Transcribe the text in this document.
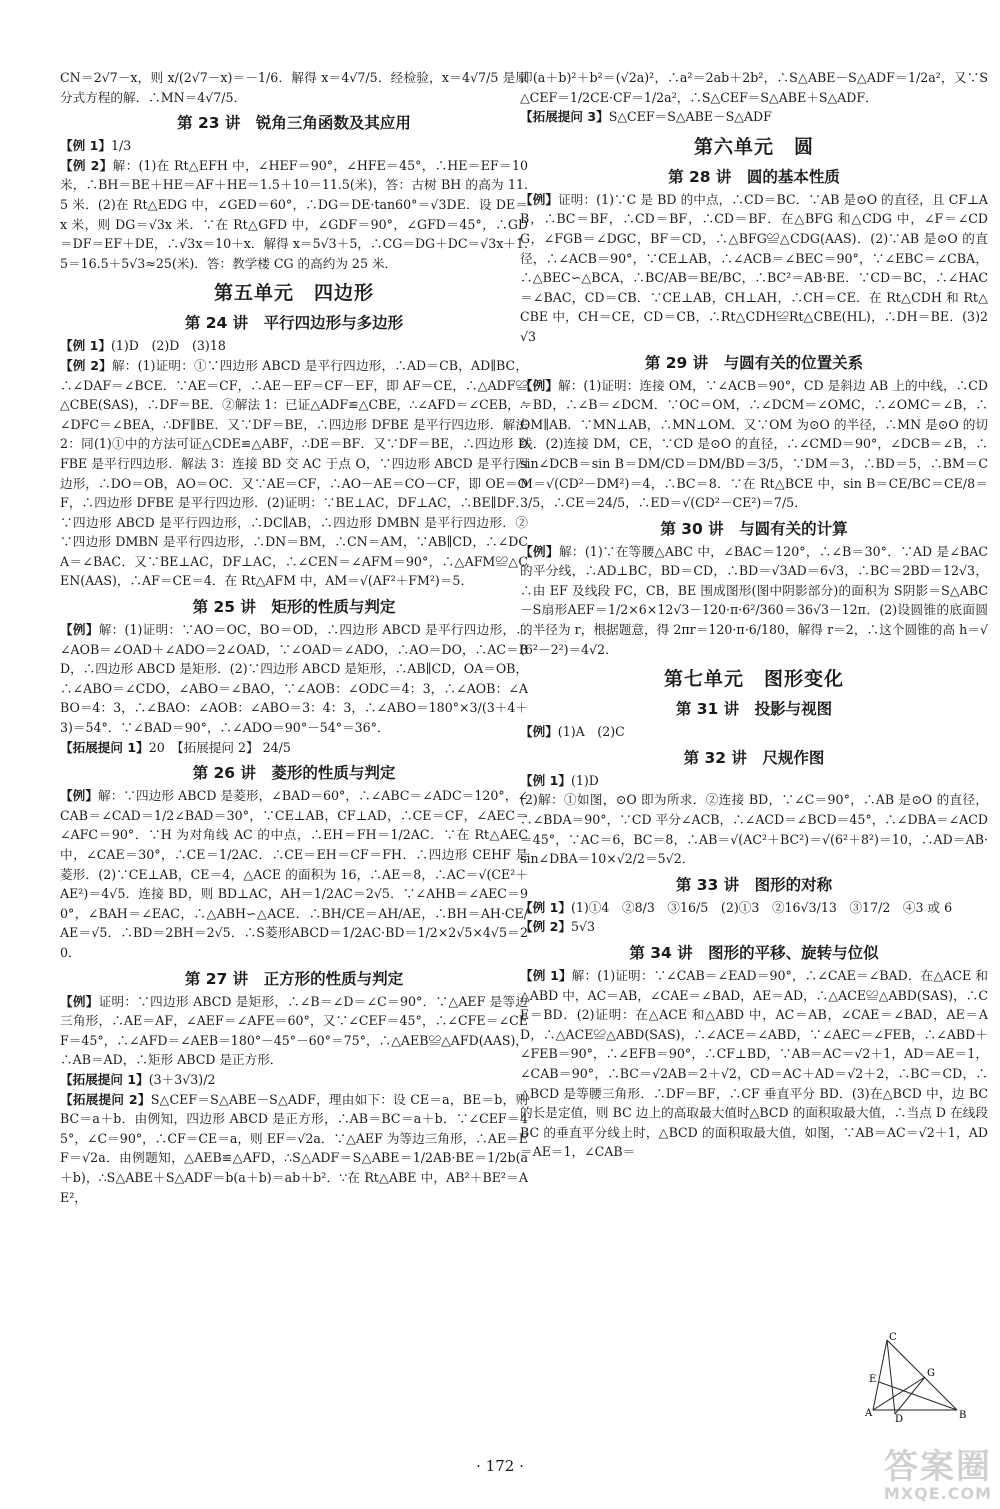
CN＝2√7－x，则 x/(2√7－x)＝－1/6．解得 x＝4√7/5．经检验，x＝4√7/5 是原分式方程的解．∴MN＝4√7/5．

第 23 讲　锐角三角函数及其应用

【例 1】1/3

【例 2】解：(1)在 Rt△EFH 中，∠HEF＝90°，∠HFE＝45°，∴HE＝EF＝10 米，∴BH＝BE＋HE＝AF＋HE＝1.5＋10＝11.5(米)，答：古树 BH 的高为 11.5 米．(2)在 Rt△EDG 中，∠GED＝60°，∴DG＝DE·tan60°＝√3DE．设 DE＝x 米，则 DG＝√3x 米．∵在 Rt△GFD 中，∠GDF＝90°，∠GFD＝45°，∴GD＝DF＝EF＋DE，∴√3x＝10＋x．解得 x＝5√3＋5，∴CG＝DG＋DC＝√3x＋1.5＝16.5＋5√3≈25(米)．答：教学楼 CG 的高约为 25 米．

第五单元　四边形
第 24 讲　平行四边形与多边形

【例 1】(1)D　(2)D　(3)18

【例 2】解：(1)证明：①∵四边形 ABCD 是平行四边形，∴AD＝CB，AD∥BC，∴∠DAF＝∠BCE．∵AE＝CF，∴AE－EF＝CF－EF，即 AF＝CE，∴△ADF≌△CBE(SAS)，∴DF＝BE．②解法 1：已证△ADF≌△CBE，∴∠AFD＝∠CEB，∴∠DFC＝∠BEA，∴DF∥BE．又∵DF＝BE，∴四边形 DFBE 是平行四边形．解法 2：同(1)①中的方法可证△CDE≌△ABF，∴DE＝BF．又∵DF＝BE，∴四边形 DFBE 是平行四边形．解法 3：连接 BD 交 AC 于点 O，∵四边形 ABCD 是平行四边形，∴DO＝OB，AO＝OC．又∵AE＝CF，∴AO－AE＝CO－CF，即 OE＝OF，∴四边形 DFBE 是平行四边形．(2)证明：∵BE⊥AC，DF⊥AC，∴BE∥DF．∵四边形 ABCD 是平行四边形，∴DC∥AB，∴四边形 DMBN 是平行四边形．②∵四边形 DMBN 是平行四边形，∴DN＝BM，∴CN＝AM，∵AB∥CD，∴∠DCA＝∠BAC．又∵BE⊥AC，DF⊥AC，∴∠CEN＝∠AFM＝90°，∴△AFM≌△CEN(AAS)，∴AF＝CE＝4．在 Rt△AFM 中，AM＝√(AF²＋FM²)＝5．

第 25 讲　矩形的性质与判定

【例】解：(1)证明：∵AO＝OC，BO＝OD，∴四边形 ABCD 是平行四边形，∴∠AOB＝∠OAD＋∠ADO＝2∠OAD，∵∠OAD＝∠ADO，∴AO＝DO，∴AC＝BD，∴四边形 ABCD 是矩形．(2)∵四边形 ABCD 是矩形，∴AB∥CD，OA＝OB，∴∠ABO＝∠CDO，∠ABO＝∠BAO，∵∠AOB：∠ODC＝4：3，∴∠AOB：∠ABO＝4：3，∴∠BAO：∠AOB：∠ABO＝3：4：3，∴∠ABO＝180°×3/(3＋4＋3)＝54°．∵∠BAD＝90°，∴∠ADO＝90°－54°＝36°．

【拓展提问 1】20　【拓展提问 2】 24/5

第 26 讲　菱形的性质与判定

【例】解：∵四边形 ABCD 是菱形，∠BAD＝60°，∴∠ABC＝∠ADC＝120°，∠CAB＝∠CAD＝1/2∠BAD＝30°，∵CE⊥AB，CF⊥AD，∴CE＝CF，∠AEC＝∠AFC＝90°．∵H 为对角线 AC 的中点，∴EH＝FH＝1/2AC．∵在 Rt△AEC 中，∠CAE＝30°，∴CE＝1/2AC．∴CE＝EH＝CF＝FH．∴四边形 CEHF 是菱形．(2)∵CE⊥AB，CE＝4，△ACE 的面积为 16，∴AE＝8，∴AC＝√(CE²＋AE²)＝4√5．连接 BD，则 BD⊥AC，AH＝1/2AC＝2√5．∵∠AHB＝∠AEC＝90°，∠BAH＝∠EAC，∴△ABH∽△ACE．∴BH/CE＝AH/AE，∴BH＝AH·CE/AE＝√5．∴BD＝2BH＝2√5．∴S菱形ABCD＝1/2AC·BD＝1/2×2√5×4√5＝20．

第 27 讲　正方形的性质与判定

【例】证明：∵四边形 ABCD 是矩形，∴∠B＝∠D＝∠C＝90°．∵△AEF 是等边三角形，∴AE＝AF，∠AEF＝∠AFE＝60°，又∵∠CEF＝45°，∴∠CFE＝∠CEF＝45°，∴∠AFD＝∠AEB＝180°－45°－60°＝75°，∴△AEB≌△AFD(AAS)，∴AB＝AD，∴矩形 ABCD 是正方形．

【拓展提问 1】(3＋3√3)/2

【拓展提问 2】S△CEF＝S△ABE－S△ADF，理由如下：设 CE＝a，BE＝b，则 BC＝a＋b．由例知，四边形 ABCD 是正方形，∴AB＝BC＝a＋b．∵∠CEF＝45°，∠C＝90°，∴CF＝CE＝a，则 EF＝√2a．∵△AEF 为等边三角形，∴AE＝EF＝√2a．由例题知，△AEB≌△AFD，∴S△ADF＝S△ABE＝1/2AB·BE＝1/2b(a＋b)，∴S△ABE＋S△ADF＝b(a＋b)＝ab＋b²．∵在 Rt△ABE 中，AB²＋BE²＝AE²，

即(a＋b)²＋b²＝(√2a)²，∴a²＝2ab＋2b²，∴S△ABE－S△ADF＝1/2a²，又∵S△CEF＝1/2CE·CF＝1/2a²，∴S△CEF＝S△ABE＋S△ADF．

【拓展提问 3】S△CEF＝S△ABE－S△ADF

第六单元　圆
第 28 讲　圆的基本性质

【例】证明：(1)∵C 是 BD 的中点，∴CD＝BC．∵AB 是⊙O 的直径，且 CF⊥AB，∴BC＝BF，∴CD＝BF，∴CD＝BF．在△BFG 和△CDG 中，∠F＝∠CDG，∠FGB＝∠DGC，BF＝CD，∴△BFG≌△CDG(AAS)．(2)∵AB 是⊙O 的直径，∴∠ACB＝90°，∵CE⊥AB，∴∠ACB＝∠BEC＝90°，∵∠EBC＝∠CBA，∴△BEC∽△BCA，∴BC/AB＝BE/BC，∴BC²＝AB·BE．∵CD＝BC，∴∠HAC＝∠BAC，CD＝CB．∵CE⊥AB，CH⊥AH，∴CH＝CE．在 Rt△CDH 和 Rt△CBE 中，CH＝CE，CD＝CB，∴Rt△CDH≌Rt△CBE(HL)，∴DH＝BE．(3)2√3

第 29 讲　与圆有关的位置关系

【例】解：(1)证明：连接 OM，∵∠ACB＝90°，CD 是斜边 AB 上的中线，∴CD＝BD，∴∠B＝∠DCM．∵OC＝OM，∴∠DCM＝∠OMC，∴∠OMC＝∠B，∴OM∥AB．∵MN⊥AB，∴MN⊥OM．又∵OM 为⊙O 的半径，∴MN 是⊙O 的切线．(2)连接 DM，CE，∵CD 是⊙O 的直径，∴∠CMD＝90°，∠DCB＝∠B，∴sin∠DCB＝sin B＝DM/CD＝DM/BD＝3/5，∵DM＝3，∴BD＝5，∴BM＝CM＝√(CD²－DM²)＝4，∴BC＝8．∵在 Rt△BCE 中，sin B＝CE/BC＝CE/8＝3/5，∴CE＝24/5，∴ED＝√(CD²－CE²)＝7/5．

第 30 讲　与圆有关的计算

【例】解：(1)∵在等腰△ABC 中，∠BAC＝120°，∴∠B＝30°．∵AD 是∠BAC 的平分线，∴AD⊥BC，BD＝CD，∴BD＝√3AD＝6√3，∴BC＝2BD＝12√3，∴由 EF 及线段 FC，CB，BE 围成图形(图中阴影部分)的面积为 S阴影＝S△ABC－S扇形AEF＝1/2×6×12√3－120·π·6²/360＝36√3－12π．(2)设圆锥的底面圆的半径为 r，根据题意，得 2πr＝120·π·6/180，解得 r＝2，∴这个圆锥的高 h＝√(6²－2²)＝4√2．

第七单元　图形变化
第 31 讲　投影与视图

【例】(1)A　(2)C

第 32 讲　尺规作图

【例 1】(1)D

(2)解：①如图，⊙O 即为所求．②连接 BD，∵∠C＝90°，∴AB 是⊙O 的直径，∴∠BDA＝90°，∵CD 平分∠ACB，∴∠ACD＝∠BCD＝45°，∴∠DBA＝∠ACD＝45°，∵AC＝6，BC＝8，∴AB＝√(AC²＋BC²)＝√(6²＋8²)＝10，∴AD＝AB·sin∠DBA＝10×√2/2＝5√2．

第 33 讲　图形的对称

【例 1】(1)①4　②8/3　③16/5　(2)①3　②16√3/13　③17/2　④3 或 6

【例 2】5√3

第 34 讲　图形的平移、旋转与位似

【例 1】解：(1)证明：∵∠CAB＝∠EAD＝90°，∴∠CAE＝∠BAD．在△ACE 和△ABD 中，AC＝AB，∠CAE＝∠BAD，AE＝AD，∴△ACE≌△ABD(SAS)，∴CE＝BD．(2)证明：在△ACE 和△ABD 中，AC＝AB，∠CAE＝∠BAD，AE＝AD，∴△ACE≌△ABD(SAS)，∴∠ACE＝∠ABD，∵∠AEC＝∠FEB，∴∠ABD＋∠FEB＝90°，∴∠EFB＝90°，∴CF⊥BD，∵AB＝AC＝√2＋1，AD＝AE＝1，∠CAB＝90°，∴BC＝√2AB＝2＋√2，CD＝AC＋AD＝√2＋2，∴BC＝CD，∴△BCD 是等腰三角形．∴DF＝BF，∴CF 垂直平分 BD．(3)在△BCD 中，边 BC 的长是定值，则 BC 边上的高取最大值时△BCD 的面积取最大值，∴当点 D 在线段 BC 的垂直平分线上时，△BCD 的面积取最大值，如图，∵AB＝AC＝√2＋1，AD＝AE＝1，∠CAB＝

C
G
B
A
D
E
· 172 ·	答案圈
MXQE.COM
